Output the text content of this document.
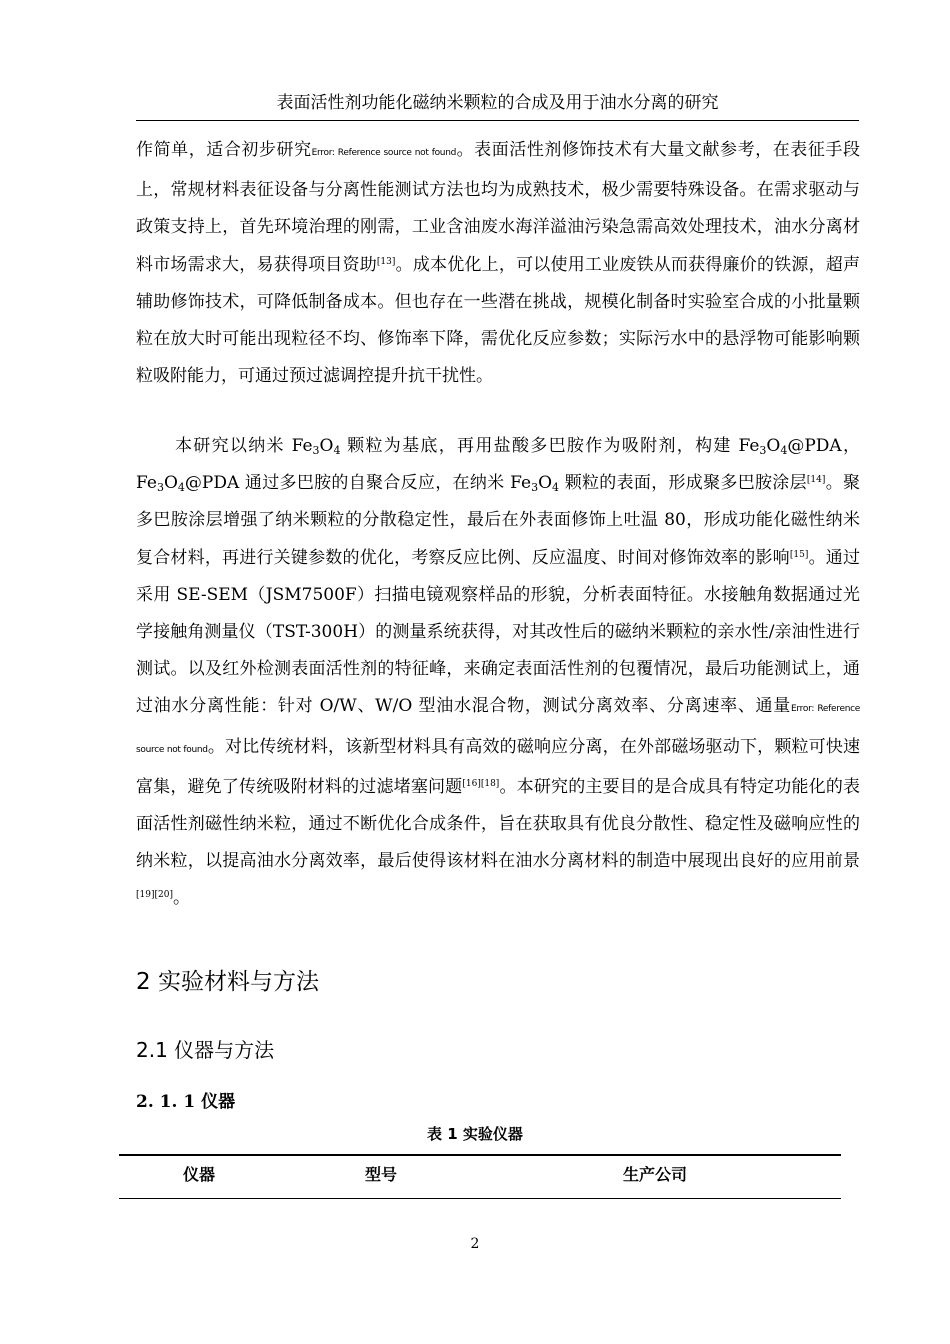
表面活性剂功能化磁纳米颗粒的合成及用于油水分离的研究

作简单，适合初步研究Error: Reference source not found。表面活性剂修饰技术有大量文献参考，在表征手段上，常规材料表征设备与分离性能测试方法也均为成熟技术，极少需要特殊设备。在需求驱动与政策支持上，首先环境治理的刚需，工业含油废水海洋溢油污染急需高效处理技术，油水分离材料市场需求大，易获得项目资助[13]。成本优化上，可以使用工业废铁从而获得廉价的铁源，超声辅助修饰技术，可降低制备成本。但也存在一些潜在挑战，规模化制备时实验室合成的小批量颗粒在放大时可能出现粒径不均、修饰率下降，需优化反应参数；实际污水中的悬浮物可能影响颗粒吸附能力，可通过预过滤调控提升抗干扰性。

本研究以纳米 $Fe_3O_4$ 颗粒为基底，再用盐酸多巴胺作为吸附剂，构建 $Fe_3O_4@PDA$，$Fe_3O_4@PDA$ 通过多巴胺的自聚合反应，在纳米 $Fe_3O_4$ 颗粒的表面，形成聚多巴胺涂层[14]。聚多巴胺涂层增强了纳米颗粒的分散稳定性，最后在外表面修饰上吐温 80，形成功能化磁性纳米复合材料，再进行关键参数的优化，考察反应比例、反应温度、时间对修饰效率的影响[15]。通过采用 SE-SEM（JSM7500F）扫描电镜观察样品的形貌，分析表面特征。水接触角数据通过光学接触角测量仪（TST-300H）的测量系统获得，对其改性后的磁纳米颗粒的亲水性/亲油性进行测试。以及红外检测表面活性剂的特征峰，来确定表面活性剂的包覆情况，最后功能测试上，通过油水分离性能：针对 O/W、W/O 型油水混合物，测试分离效率、分离速率、通量Error: Reference source not found。对比传统材料，该新型材料具有高效的磁响应分离，在外部磁场驱动下，颗粒可快速富集，避免了传统吸附材料的过滤堵塞问题[16][18]。本研究的主要目的是合成具有特定功能化的表面活性剂磁性纳米粒，通过不断优化合成条件，旨在获取具有优良分散性、稳定性及磁响应性的纳米粒，以提高油水分离效率，最后使得该材料在油水分离材料的制造中展现出良好的应用前景[19][20]。

2 实验材料与方法
2.1 仪器与方法
2. 1. 1 仪器
表 1 实验仪器
仪器	型号	生产公司
2
